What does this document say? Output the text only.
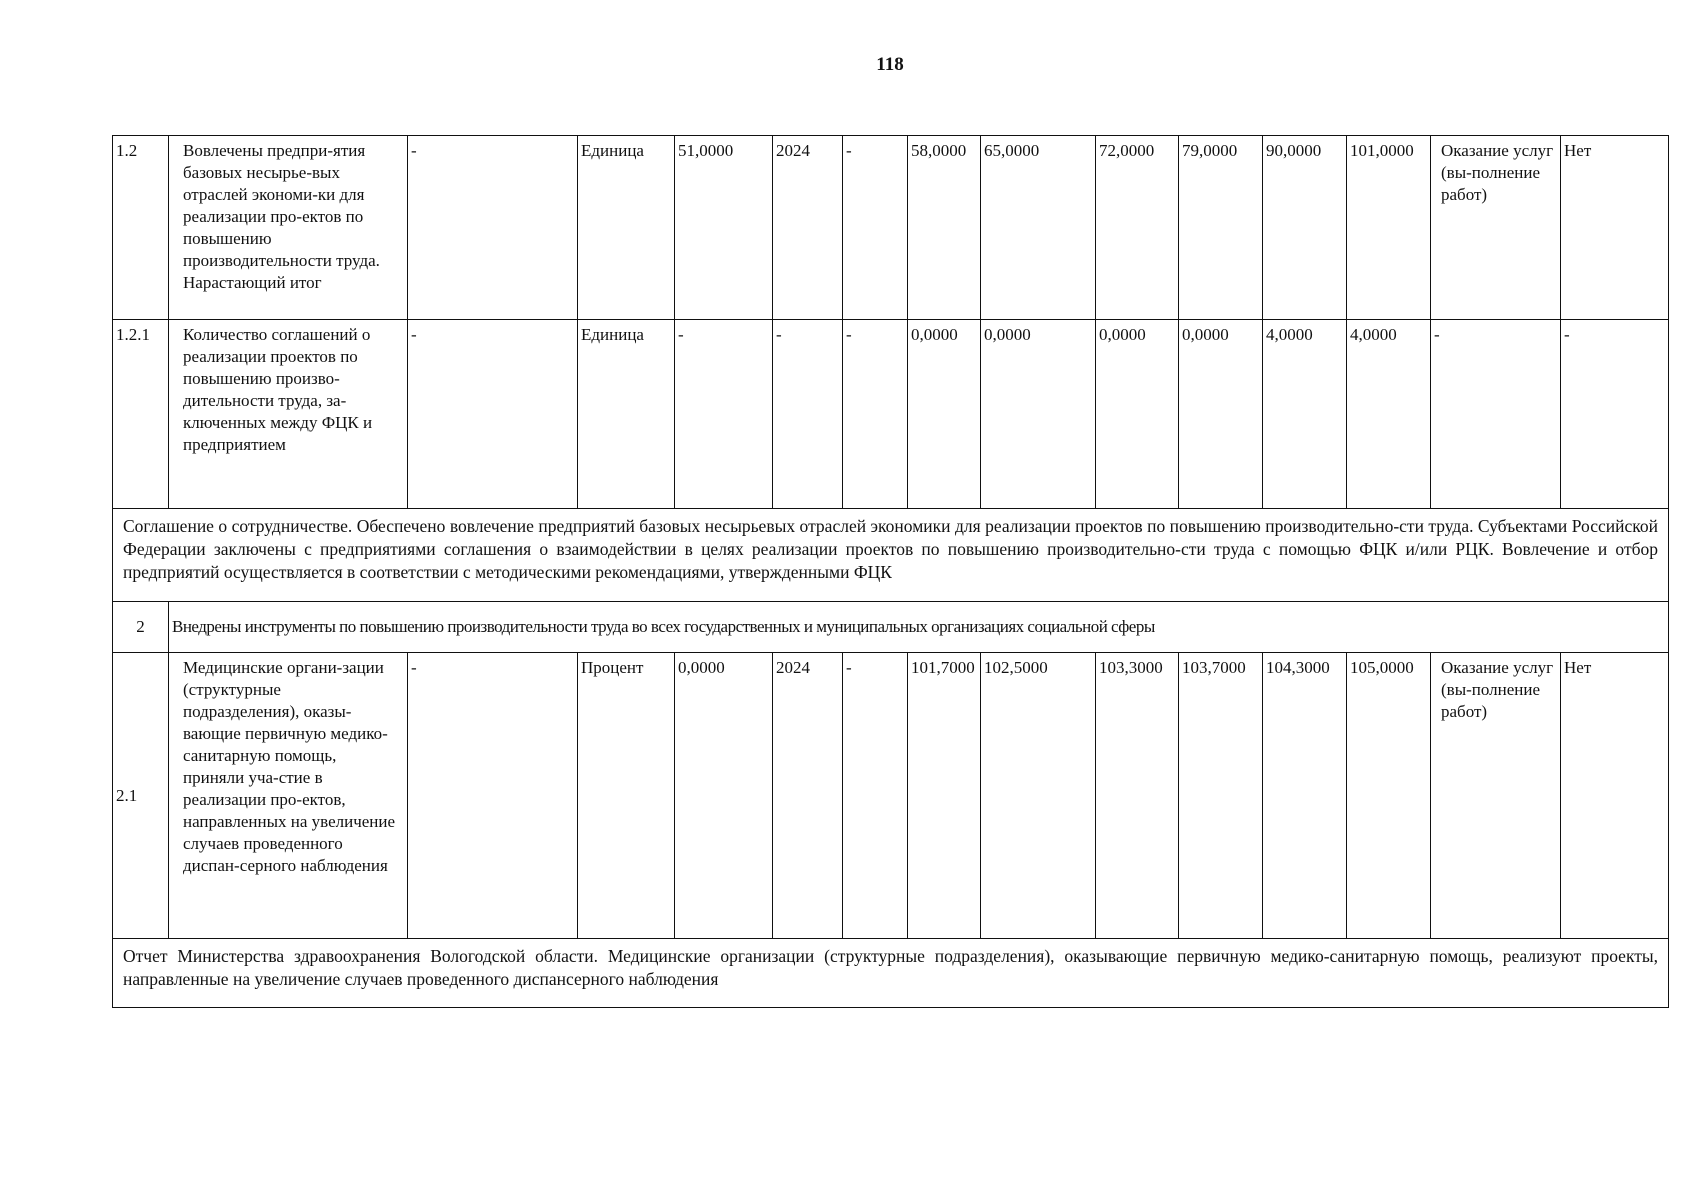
118
1.2	Вовлечены предпри-ятия базовых несырье-вых отраслей экономи-ки для реализации про-ектов по повышению производительности труда. Нарастающий итог	-	Единица	51,0000	2024	-	58,0000	65,0000	72,0000	79,0000	90,0000	101,0000	Оказание услуг (вы-полнение работ)	Нет
1.2.1	Количество соглашений о реализации проектов по повышению произво-дительности труда, за-ключенных между ФЦК и предприятием	-	Единица	-	-	-	0,0000	0,0000	0,0000	0,0000	4,0000	4,0000	-	-
Соглашение о сотрудничестве. Обеспечено вовлечение предприятий базовых несырьевых отраслей экономики для реализации проектов по повышению производительно-сти труда. Субъектами Российской Федерации заключены с предприятиями соглашения о взаимодействии в целях реализации проектов по повышению производительно-сти труда с помощью ФЦК и/или РЦК. Вовлечение и отбор предприятий осуществляется в соответствии с методическими рекомендациями, утвержденными ФЦК														
2	Внедрены инструменты по повышению производительности труда во всех государственных и муниципальных организациях социальной сферы													
2.1	Медицинские органи-зации (структурные подразделения), оказы-вающие первичную медико- санитарную помощь, приняли уча-стие в реализации про-ектов, направленных на увеличение случаев проведенного диспан-серного наблюдения	-	Процент	0,0000	2024	-	101,7000	102,5000	103,3000	103,7000	104,3000	105,0000	Оказание услуг (вы-полнение работ)	Нет
Отчет Министерства здравоохранения Вологодской области. Медицинские организации (структурные подразделения), оказывающие первичную медико-санитарную помощь, реализуют проекты, направленные на увеличение случаев проведенного диспансерного наблюдения														
